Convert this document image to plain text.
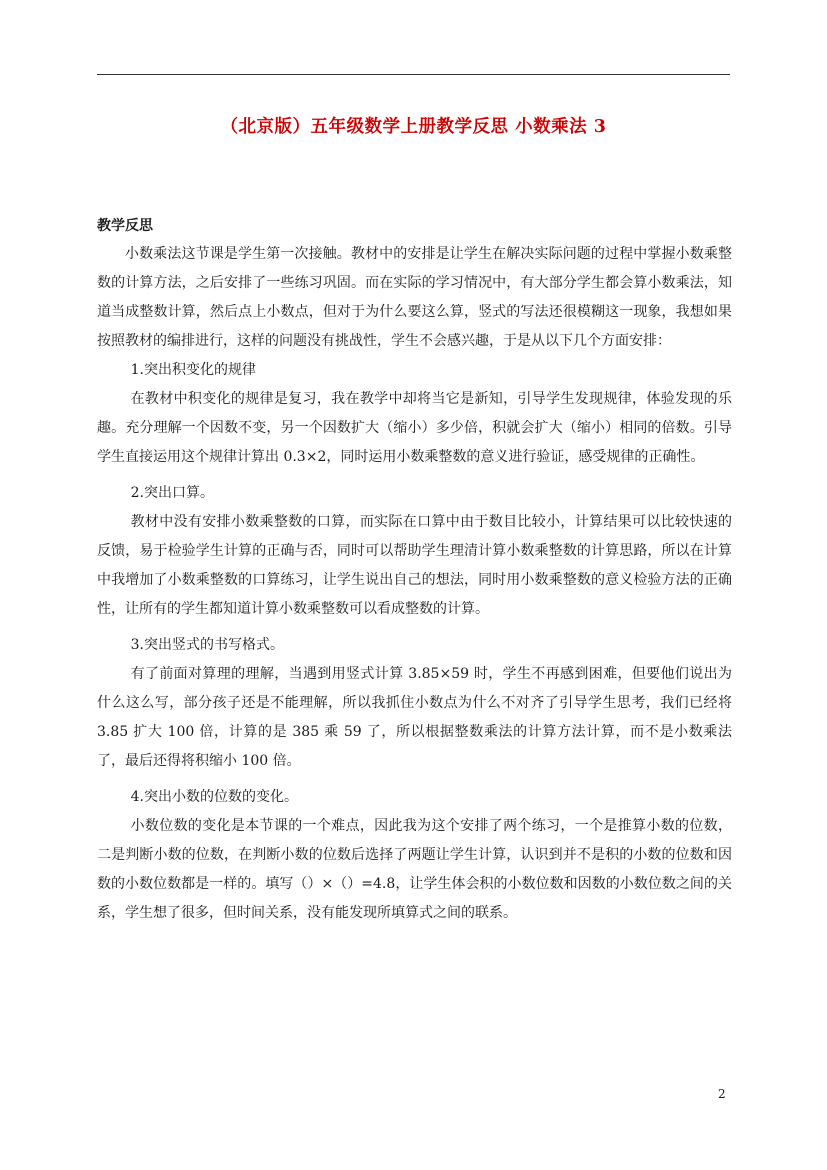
（北京版）五年级数学上册教学反思 小数乘法 3
教学反思

小数乘法这节课是学生第一次接触。教材中的安排是让学生在解决实际问题的过程中掌握小数乘整数的计算方法，之后安排了一些练习巩固。而在实际的学习情况中，有大部分学生都会算小数乘法，知道当成整数计算，然后点上小数点，但对于为什么要这么算，竖式的写法还很模糊这一现象，我想如果按照教材的编排进行，这样的问题没有挑战性，学生不会感兴趣，于是从以下几个方面安排：

1.突出积变化的规律

在教材中积变化的规律是复习，我在教学中却将当它是新知，引导学生发现规律，体验发现的乐趣。充分理解一个因数不变，另一个因数扩大（缩小）多少倍，积就会扩大（缩小）相同的倍数。引导学生直接运用这个规律计算出 0.3×2，同时运用小数乘整数的意义进行验证，感受规律的正确性。

2.突出口算。

教材中没有安排小数乘整数的口算，而实际在口算中由于数目比较小，计算结果可以比较快速的反馈，易于检验学生计算的正确与否，同时可以帮助学生理清计算小数乘整数的计算思路，所以在计算中我增加了小数乘整数的口算练习，让学生说出自己的想法，同时用小数乘整数的意义检验方法的正确性，让所有的学生都知道计算小数乘整数可以看成整数的计算。

3.突出竖式的书写格式。

有了前面对算理的理解，当遇到用竖式计算 3.85×59 时，学生不再感到困难，但要他们说出为什么这么写，部分孩子还是不能理解，所以我抓住小数点为什么不对齐了引导学生思考，我们已经将 3.85 扩大 100 倍，计算的是 385 乘 59 了，所以根据整数乘法的计算方法计算，而不是小数乘法了，最后还得将积缩小 100 倍。

4.突出小数的位数的变化。

小数位数的变化是本节课的一个难点，因此我为这个安排了两个练习，一个是推算小数的位数，二是判断小数的位数，在判断小数的位数后选择了两题让学生计算，认识到并不是积的小数的位数和因数的小数位数都是一样的。填写（）×（）=4.8，让学生体会积的小数位数和因数的小数位数之间的关系，学生想了很多，但时间关系，没有能发现所填算式之间的联系。

2
